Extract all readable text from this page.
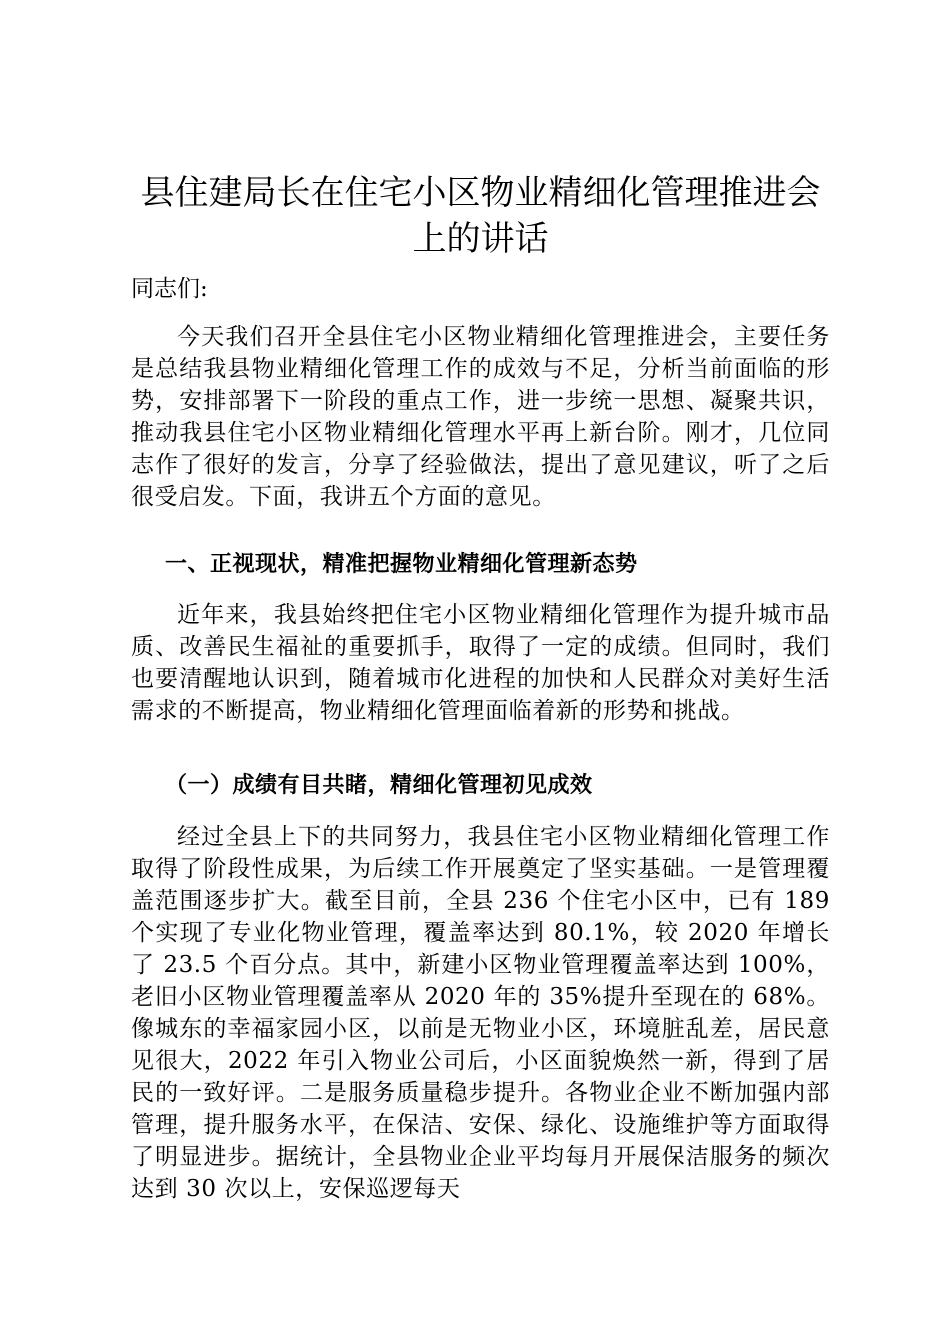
县住建局长在住宅小区物业精细化管理推进会上的讲话

同志们:

今天我们召开全县住宅小区物业精细化管理推进会，主要任务是总结我县物业精细化管理工作的成效与不足，分析当前面临的形势，安排部署下一阶段的重点工作，进一步统一思想、凝聚共识，推动我县住宅小区物业精细化管理水平再上新台阶。刚才，几位同志作了很好的发言，分享了经验做法，提出了意见建议，听了之后很受启发。下面，我讲五个方面的意见。

一、正视现状，精准把握物业精细化管理新态势

近年来，我县始终把住宅小区物业精细化管理作为提升城市品质、改善民生福祉的重要抓手，取得了一定的成绩。但同时，我们也要清醒地认识到，随着城市化进程的加快和人民群众对美好生活需求的不断提高，物业精细化管理面临着新的形势和挑战。

（一）成绩有目共睹，精细化管理初见成效

经过全县上下的共同努力，我县住宅小区物业精细化管理工作取得了阶段性成果，为后续工作开展奠定了坚实基础。一是管理覆盖范围逐步扩大。截至目前，全县 236 个住宅小区中，已有 189 个实现了专业化物业管理，覆盖率达到 80.1%，较 2020 年增长了 23.5 个百分点。其中，新建小区物业管理覆盖率达到 100%，老旧小区物业管理覆盖率从 2020 年的 35%提升至现在的 68%。像城东的幸福家园小区，以前是无物业小区，环境脏乱差，居民意见很大，2022 年引入物业公司后，小区面貌焕然一新，得到了居民的一致好评。二是服务质量稳步提升。各物业企业不断加强内部管理，提升服务水平，在保洁、安保、绿化、设施维护等方面取得了明显进步。据统计，全县物业企业平均每月开展保洁服务的频次达到 30 次以上，安保巡逻每天
